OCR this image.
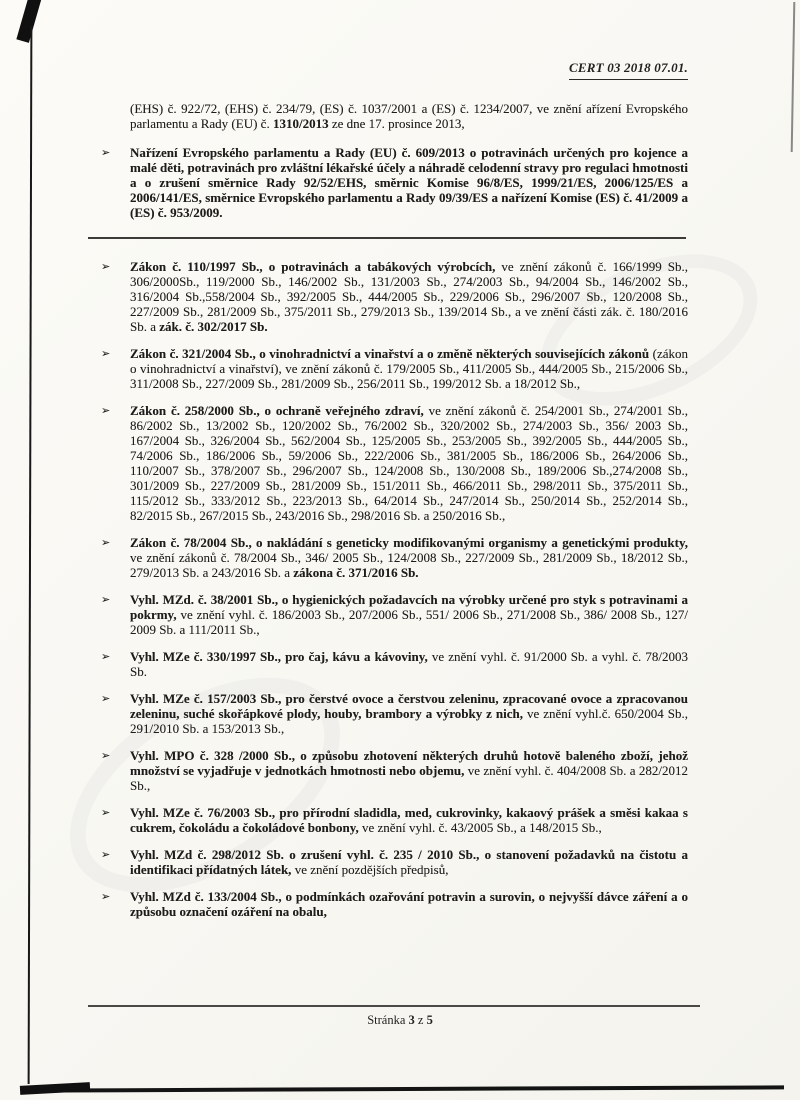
CERT 03 2018 07.01.

(EHS) č. 922/72, (EHS) č. 234/79, (ES) č. 1037/2001 a (ES) č. 1234/2007, ve znění ařízení Evropského parlamentu a Rady (EU) č. 1310/2013 ze dne 17. prosince 2013,

➢ Nařízení Evropského parlamentu a Rady (EU) č. 609/2013 o potravinách určených pro kojence a malé děti, potravinách pro zvláštní lékařské účely a náhradě celodenní stravy pro regulaci hmotnosti a o zrušení směrnice Rady 92/52/EHS, směrnic Komise 96/8/ES, 1999/21/ES, 2006/125/ES a 2006/141/ES, směrnice Evropského parlamentu a Rady 09/39/ES a nařízení Komise (ES) č. 41/2009 a (ES) č. 953/2009.
➢ Zákon č. 110/1997 Sb., o potravinách a tabákových výrobcích, ve znění zákonů č. 166/1999 Sb., 306/2000Sb., 119/2000 Sb., 146/2002 Sb., 131/2003 Sb., 274/2003 Sb., 94/2004 Sb., 146/2002 Sb., 316/2004 Sb.,558/2004 Sb., 392/2005 Sb., 444/2005 Sb., 229/2006 Sb., 296/2007 Sb., 120/2008 Sb., 227/2009 Sb., 281/2009 Sb., 375/2011 Sb., 279/2013 Sb., 139/2014 Sb., a ve znění části zák. č. 180/2016 Sb. a zák. č. 302/2017 Sb.
➢ Zákon č. 321/2004 Sb., o vinohradnictví a vinařství a o změně některých souvisejících zákonů (zákon o vinohradnictví a vinařství), ve znění zákonů č. 179/2005 Sb., 411/2005 Sb., 444/2005 Sb., 215/2006 Sb., 311/2008 Sb., 227/2009 Sb., 281/2009 Sb., 256/2011 Sb., 199/2012 Sb. a 18/2012 Sb.,
➢ Zákon č. 258/2000 Sb., o ochraně veřejného zdraví, ve znění zákonů č. 254/2001 Sb., 274/2001 Sb., 86/2002 Sb., 13/2002 Sb., 120/2002 Sb., 76/2002 Sb., 320/2002 Sb., 274/2003 Sb., 356/ 2003 Sb., 167/2004 Sb., 326/2004 Sb., 562/2004 Sb., 125/2005 Sb., 253/2005 Sb., 392/2005 Sb., 444/2005 Sb., 74/2006 Sb., 186/2006 Sb., 59/2006 Sb., 222/2006 Sb., 381/2005 Sb., 186/2006 Sb., 264/2006 Sb., 110/2007 Sb., 378/2007 Sb., 296/2007 Sb., 124/2008 Sb., 130/2008 Sb., 189/2006 Sb.,274/2008 Sb., 301/2009 Sb., 227/2009 Sb., 281/2009 Sb., 151/2011 Sb., 466/2011 Sb., 298/2011 Sb., 375/2011 Sb., 115/2012 Sb., 333/2012 Sb., 223/2013 Sb., 64/2014 Sb., 247/2014 Sb., 250/2014 Sb., 252/2014 Sb., 82/2015 Sb., 267/2015 Sb., 243/2016 Sb., 298/2016 Sb. a 250/2016 Sb.,
➢ Zákon č. 78/2004 Sb., o nakládání s geneticky modifikovanými organismy a genetickými produkty, ve znění zákonů č. 78/2004 Sb., 346/ 2005 Sb., 124/2008 Sb., 227/2009 Sb., 281/2009 Sb., 18/2012 Sb., 279/2013 Sb. a 243/2016 Sb. a zákona č. 371/2016 Sb.
➢ Vyhl. MZd. č. 38/2001 Sb., o hygienických požadavcích na výrobky určené pro styk s potravinami a pokrmy, ve znění vyhl. č. 186/2003 Sb., 207/2006 Sb., 551/ 2006 Sb., 271/2008 Sb., 386/ 2008 Sb., 127/ 2009 Sb. a 111/2011 Sb.,
➢ Vyhl. MZe č. 330/1997 Sb., pro čaj, kávu a kávoviny, ve znění vyhl. č. 91/2000 Sb. a vyhl. č. 78/2003 Sb.
➢ Vyhl. MZe č. 157/2003 Sb., pro čerstvé ovoce a čerstvou zeleninu, zpracované ovoce a zpracovanou zeleninu, suché skořápkové plody, houby, brambory a výrobky z nich, ve znění vyhl.č. 650/2004 Sb., 291/2010 Sb. a 153/2013 Sb.,
➢ Vyhl. MPO č. 328 /2000 Sb., o způsobu zhotovení některých druhů hotově baleného zboží, jehož množství se vyjadřuje v jednotkách hmotnosti nebo objemu, ve znění vyhl. č. 404/2008 Sb. a 282/2012 Sb.,
➢ Vyhl. MZe č. 76/2003 Sb., pro přírodní sladidla, med, cukrovinky, kakaový prášek a směsi kakaa s cukrem, čokoládu a čokoládové bonbony, ve znění vyhl. č. 43/2005 Sb., a 148/2015 Sb.,
➢ Vyhl. MZd č. 298/2012 Sb. o zrušení vyhl. č. 235 / 2010 Sb., o stanovení požadavků na čistotu a identifikaci přídatných látek, ve znění pozdějších předpisů,
➢ Vyhl. MZd č. 133/2004 Sb., o podmínkách ozařování potravin a surovin, o nejvyšší dávce záření a o způsobu označení ozáření na obalu,
Stránka 3 z 5
